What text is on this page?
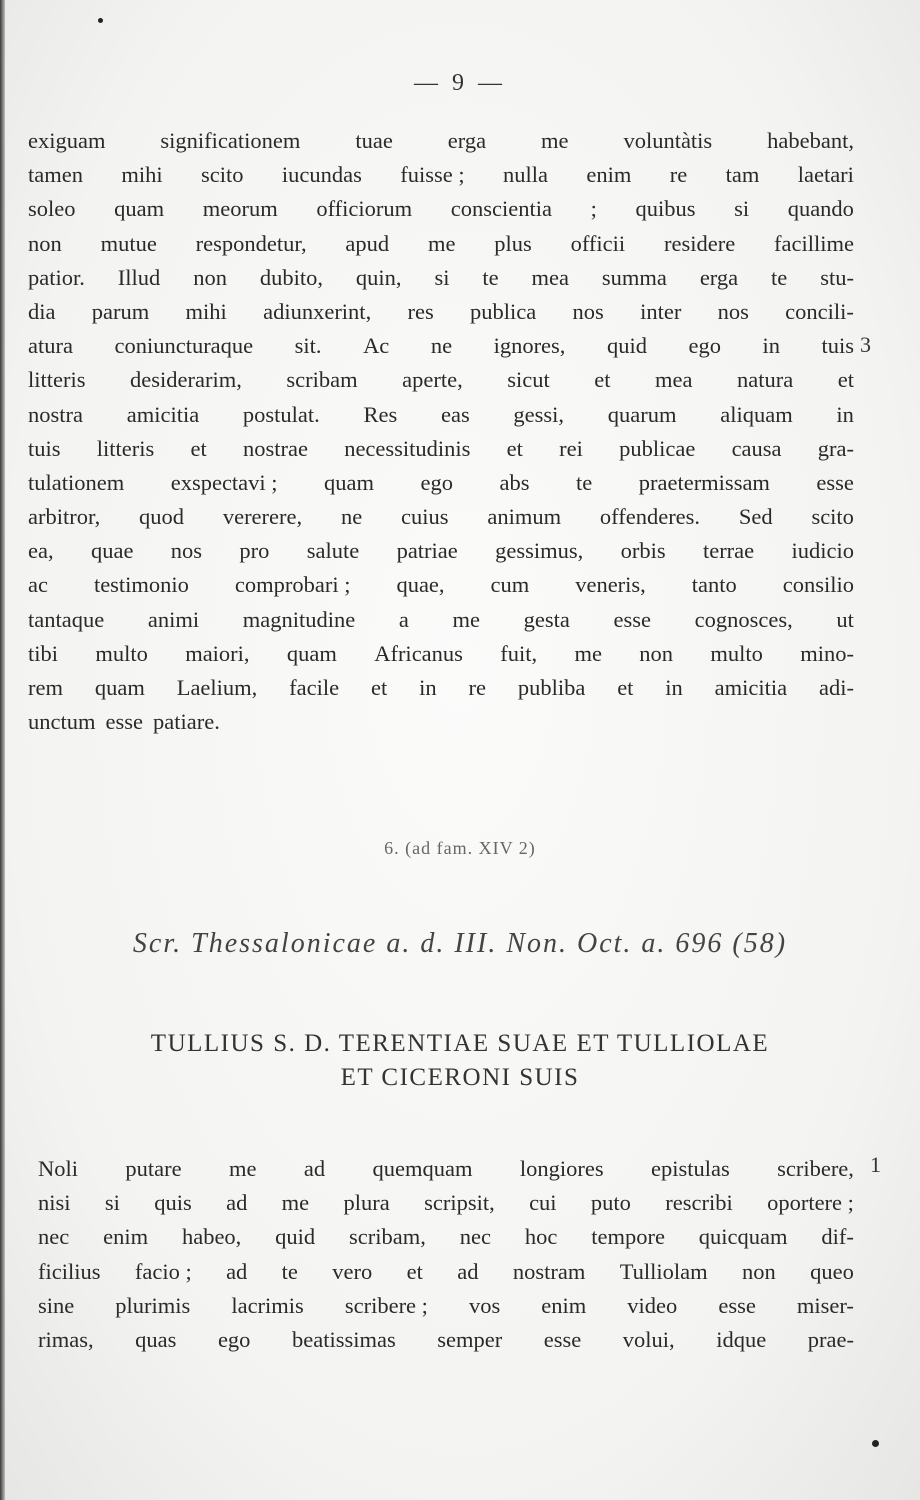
— 9 —
exiguam significationem tuae erga me voluntàtis habebant,
tamen mihi scito iucundas fuisse ; nulla enim re tam laetari
soleo quam meorum officiorum conscientia ; quibus si quando
non mutue respondetur, apud me plus officii residere facillime
patior. Illud non dubito, quin, si te mea summa erga te stu-
dia parum mihi adiunxerint, res publica nos inter nos concili-
atura coniuncturaque sit. Ac ne ignores, quid ego in tuis
litteris desiderarim, scribam aperte, sicut et mea natura et
nostra amicitia postulat. Res eas gessi, quarum aliquam in
tuis litteris et nostrae necessitudinis et rei publicae causa gra-
tulationem exspectavi ; quam ego abs te praetermissam esse
arbitror, quod vererere, ne cuius animum offenderes. Sed scito
ea, quae nos pro salute patriae gessimus, orbis terrae iudicio
ac testimonio comprobari ; quae, cum veneris, tanto consilio
tantaque animi magnitudine a me gesta esse cognosces, ut
tibi multo maiori, quam Africanus fuit, me non multo mino-
rem quam Laelium, facile et in re publiba et in amicitia adi-
unctum esse patiare.
3
6. (ad fam. XIV 2)
Scr. Thessalonicae a. d. III. Non. Oct. a. 696 (58)
TULLIUS S. D. TERENTIAE SUAE ET TULLIOLAE
ET CICERONI SUIS
Noli putare me ad quemquam longiores epistulas scribere,
nisi si quis ad me plura scripsit, cui puto rescribi oportere ;
nec enim habeo, quid scribam, nec hoc tempore quicquam dif-
ficilius facio ; ad te vero et ad nostram Tulliolam non queo
sine plurimis lacrimis scribere ; vos enim video esse miser-
rimas, quas ego beatissimas semper esse volui, idque prae-
1
